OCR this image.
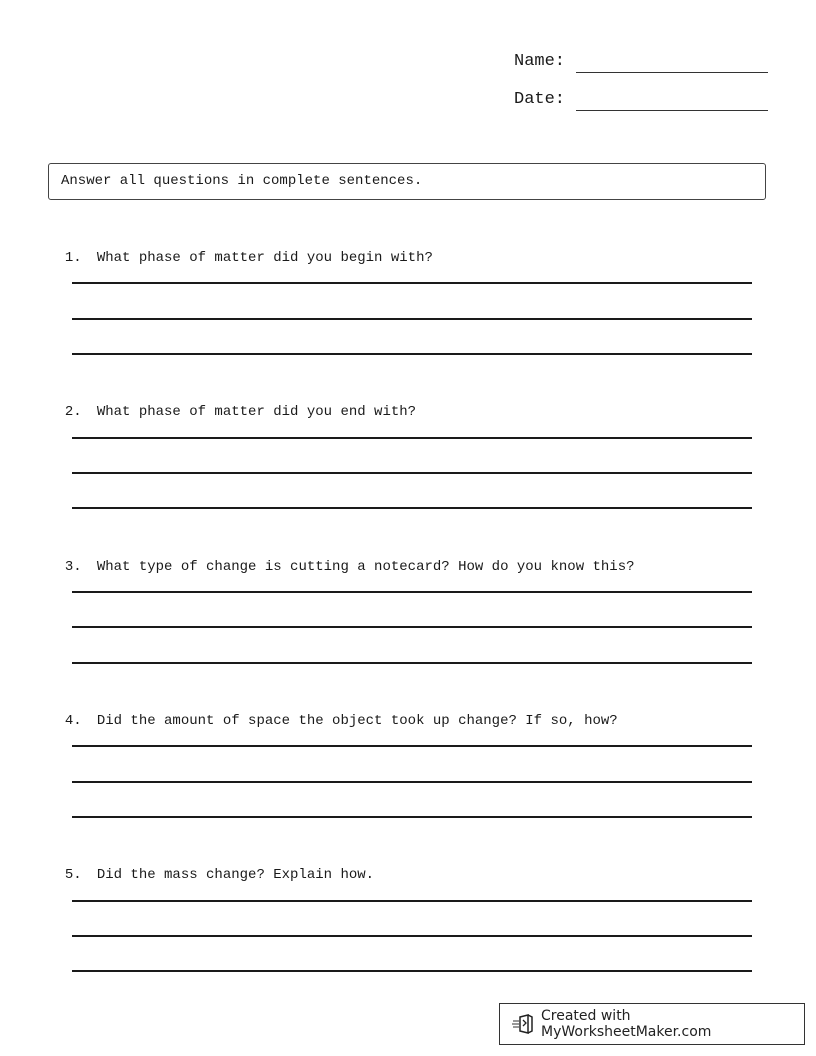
Name:
Date:
Answer all questions in complete sentences.

1. What phase of matter did you begin with?

2. What phase of matter did you end with?

3. What type of change is cutting a notecard? How do you know this?

4. Did the amount of space the object took up change? If so, how?

5. Did the mass change? Explain how.

Created with MyWorksheetMaker.com
